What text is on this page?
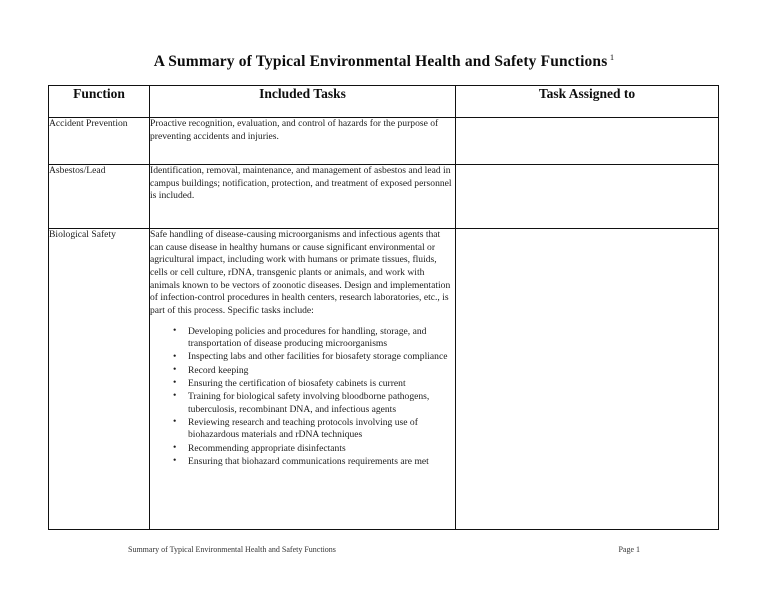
A Summary of Typical Environmental Health and Safety Functions $^1$
Function	Included Tasks	Task Assigned to
Accident Prevention	Proactive recognition, evaluation, and control of hazards for the purpose of preventing accidents and injuries.	

Asbestos/Lead	Identification, removal, maintenance, and management of asbestos and lead in campus buildings; notification, protection, and treatment of exposed personnel is included.	

Biological Safety	Safe handling of disease-causing microorganisms and infectious agents that can cause disease in healthy humans or cause significant environmental or agricultural impact, including work with humans or primate tissues, fluids, cells or cell culture, rDNA, transgenic plants or animals, and work with animals known to be vectors of zoonotic diseases. Design and implementation of infection-control procedures in health centers, research laboratories, etc., is part of this process. Specific tasks include:

• Developing policies and procedures for handling, storage, and transportation of disease producing microorganisms
• Inspecting labs and other facilities for biosafety storage compliance
• Record keeping
• Ensuring the certification of biosafety cabinets is current
• Training for biological safety involving bloodborne pathogens, tuberculosis, recombinant DNA, and infectious agents
• Reviewing research and teaching protocols involving use of biohazardous materials and rDNA techniques
• Recommending appropriate disinfectants
• Ensuring that biohazard communications requirements are met

Summary of Typical Environmental Health and Safety Functions	Page 1
